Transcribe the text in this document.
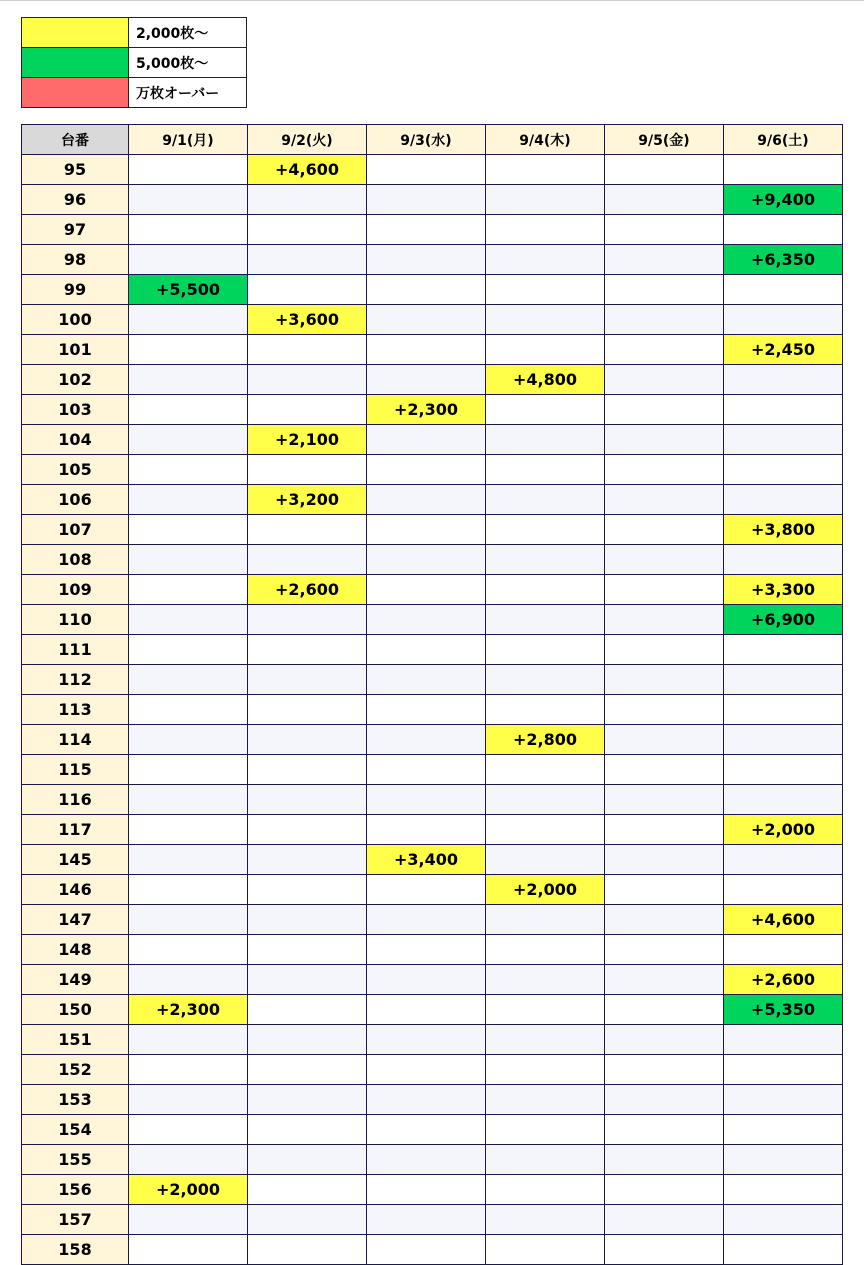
	2,000枚～
	5,000枚～
	万枚オーバー
台番	9/1(月)	9/2(火)	9/3(水)	9/4(木)	9/5(金)	9/6(土)
95		+4,600				
96						+9,400
97						
98						+6,350
99	+5,500					
100		+3,600				
101						+2,450
102				+4,800		
103			+2,300			
104		+2,100				
105						
106		+3,200				
107						+3,800
108						
109		+2,600				+3,300
110						+6,900
111						
112						
113						
114				+2,800		
115						
116						
117						+2,000
145			+3,400			
146				+2,000		
147						+4,600
148						
149						+2,600
150	+2,300					+5,350
151						
152						
153						
154						
155						
156	+2,000					
157						
158						
